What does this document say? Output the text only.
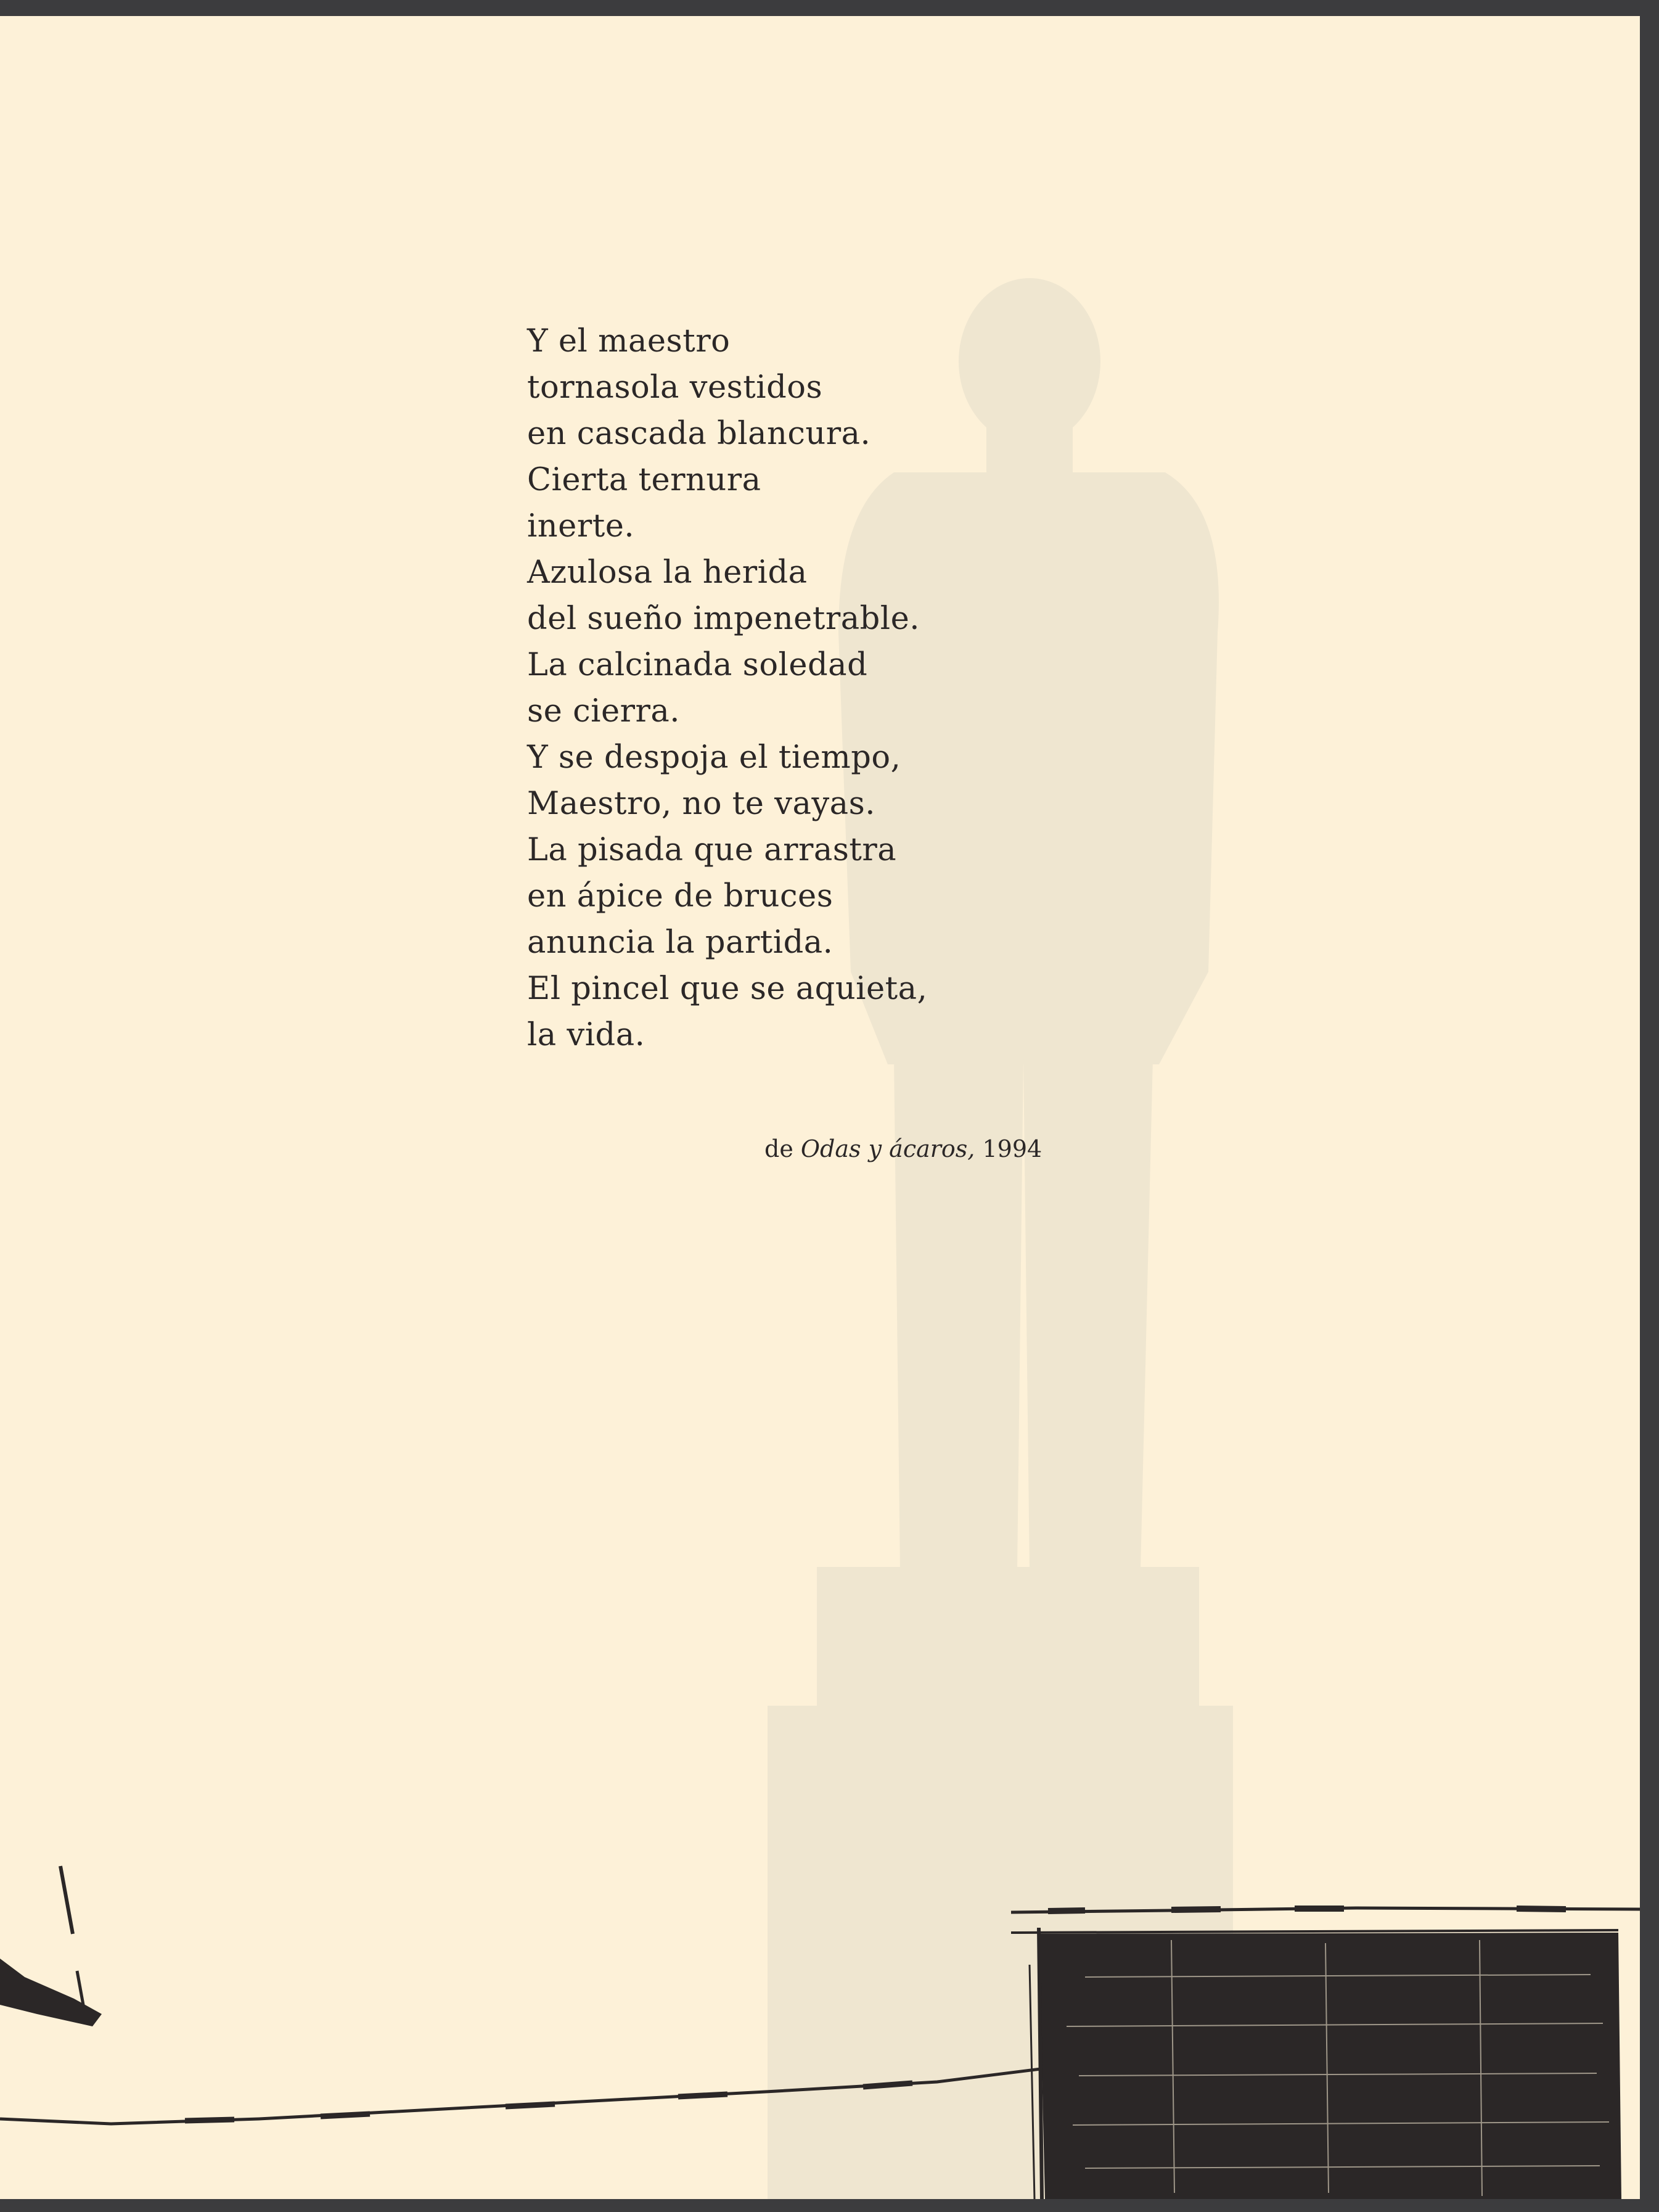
Y el maestro
tornasola vestidos
en cascada blancura.
Cierta ternura
inerte.
Azulosa la herida
del sueño impenetrable.
La calcinada soledad
se cierra.
Y se despoja el tiempo,
Maestro, no te vayas.
La pisada que arrastra
en ápice de bruces
anuncia la partida.
El pincel que se aquieta,
la vida.
de Odas y ácaros, 1994
